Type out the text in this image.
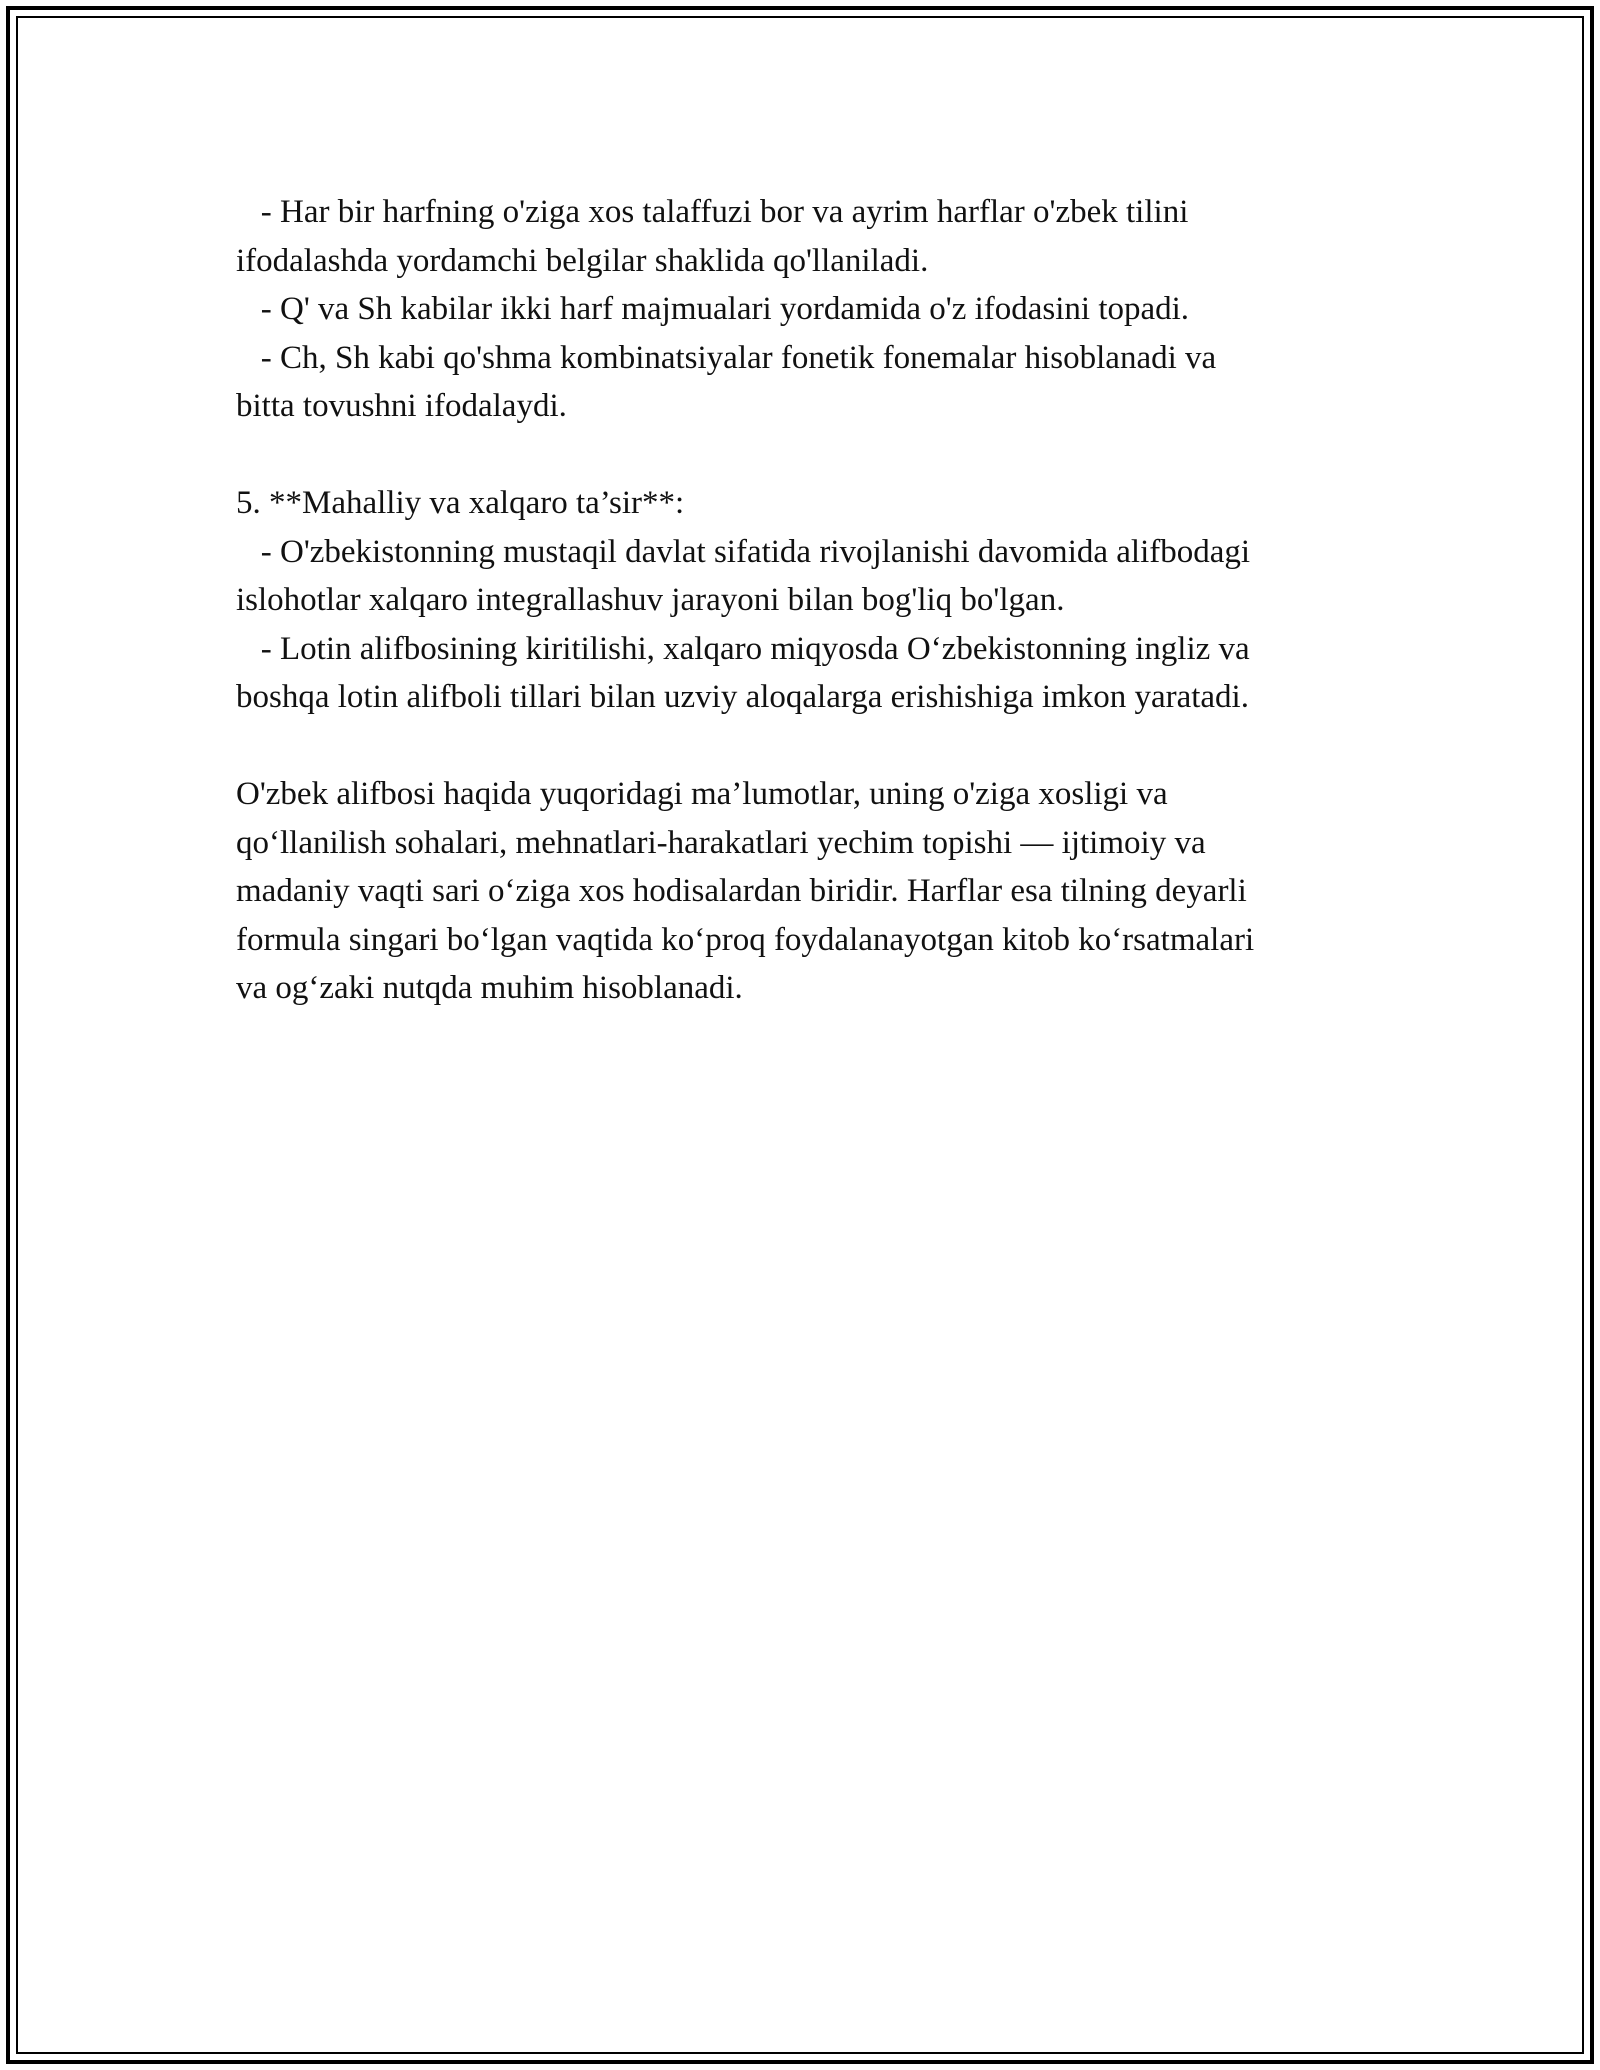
- Har bir harfning o'ziga xos talaffuzi bor va ayrim harflar o'zbek tilini

ifodalashda yordamchi belgilar shaklida qo'llaniladi.

- Q' va Sh kabilar ikki harf majmualari yordamida o'z ifodasini topadi.

- Ch, Sh kabi qo'shma kombinatsiyalar fonetik fonemalar hisoblanadi va

bitta tovushni ifodalaydi.

5. **Mahalliy va xalqaro ta’sir**:

- O'zbekistonning mustaqil davlat sifatida rivojlanishi davomida alifbodagi

islohotlar xalqaro integrallashuv jarayoni bilan bog'liq bo'lgan.

- Lotin alifbosining kiritilishi, xalqaro miqyosda O‘zbekistonning ingliz va

boshqa lotin alifboli tillari bilan uzviy aloqalarga erishishiga imkon yaratadi.

O'zbek alifbosi haqida yuqoridagi ma’lumotlar, uning o'ziga xosligi va

qo‘llanilish sohalari, mehnatlari-harakatlari yechim topishi — ijtimoiy va

madaniy vaqti sari o‘ziga xos hodisalardan biridir. Harflar esa tilning deyarli

formula singari bo‘lgan vaqtida ko‘proq foydalanayotgan kitob ko‘rsatmalari

va og‘zaki nutqda muhim hisoblanadi.
